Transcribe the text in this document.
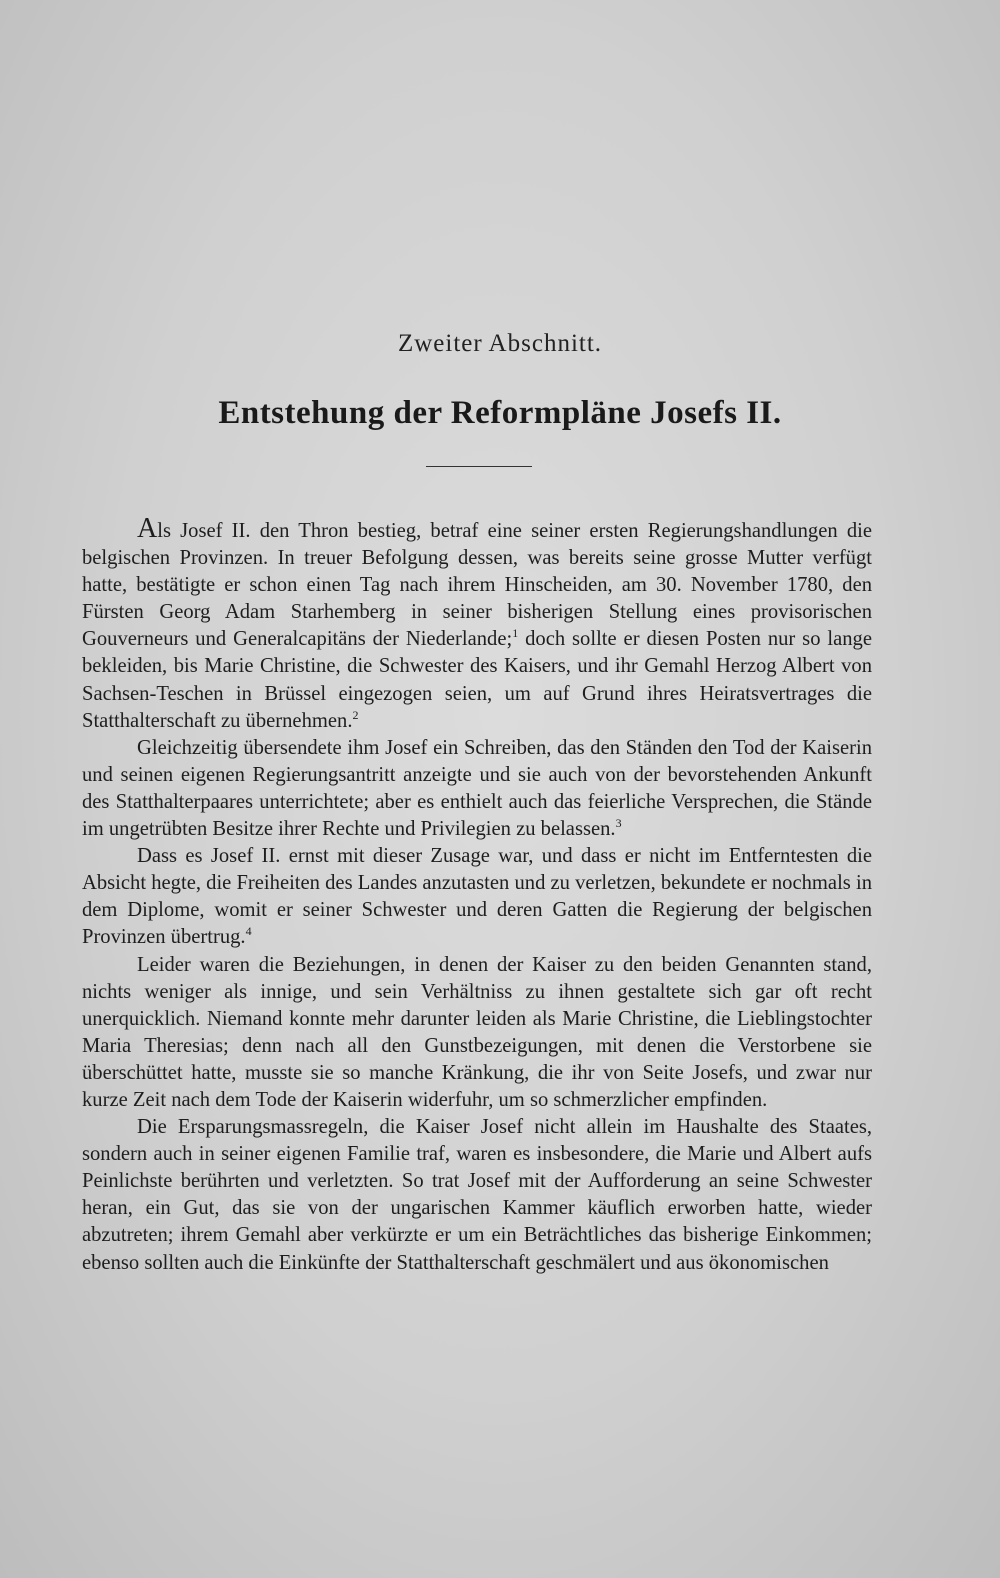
Zweiter Abschnitt.
Entstehung der Reformpläne Josefs II.

Als Josef II. den Thron bestieg, betraf eine seiner ersten Regierungshandlungen die belgischen Provinzen. In treuer Befolgung dessen, was bereits seine grosse Mutter verfügt hatte, bestätigte er schon einen Tag nach ihrem Hinscheiden, am 30. November 1780, den Fürsten Georg Adam Starhemberg in seiner bisherigen Stellung eines provisorischen Gouverneurs und Generalcapitäns der Niederlande;$^1$ doch sollte er diesen Posten nur so lange bekleiden, bis Marie Christine, die Schwester des Kaisers, und ihr Gemahl Herzog Albert von Sachsen-Teschen in Brüssel eingezogen seien, um auf Grund ihres Heiratsvertrages die Statthalterschaft zu übernehmen.$^2$

Gleichzeitig übersendete ihm Josef ein Schreiben, das den Ständen den Tod der Kaiserin und seinen eigenen Regierungsantritt anzeigte und sie auch von der bevorstehenden Ankunft des Statthalterpaares unterrichtete; aber es enthielt auch das feierliche Versprechen, die Stände im ungetrübten Besitze ihrer Rechte und Privilegien zu belassen.$^3$

Dass es Josef II. ernst mit dieser Zusage war, und dass er nicht im Entferntesten die Absicht hegte, die Freiheiten des Landes anzutasten und zu verletzen, bekundete er nochmals in dem Diplome, womit er seiner Schwester und deren Gatten die Regierung der belgischen Provinzen übertrug.$^4$

Leider waren die Beziehungen, in denen der Kaiser zu den beiden Genannten stand, nichts weniger als innige, und sein Verhältniss zu ihnen gestaltete sich gar oft recht unerquicklich. Niemand konnte mehr darunter leiden als Marie Christine, die Lieblingstochter Maria Theresias; denn nach all den Gunstbezeigungen, mit denen die Verstorbene sie überschüttet hatte, musste sie so manche Kränkung, die ihr von Seite Josefs, und zwar nur kurze Zeit nach dem Tode der Kaiserin widerfuhr, um so schmerzlicher empfinden.

Die Ersparungsmassregeln, die Kaiser Josef nicht allein im Haushalte des Staates, sondern auch in seiner eigenen Familie traf, waren es insbesondere, die Marie und Albert aufs Peinlichste berührten und verletzten. So trat Josef mit der Aufforderung an seine Schwester heran, ein Gut, das sie von der ungarischen Kammer käuflich erworben hatte, wieder abzutreten; ihrem Gemahl aber verkürzte er um ein Beträchtliches das bisherige Einkommen; ebenso sollten auch die Einkünfte der Statthalterschaft geschmälert und aus ökonomischen
